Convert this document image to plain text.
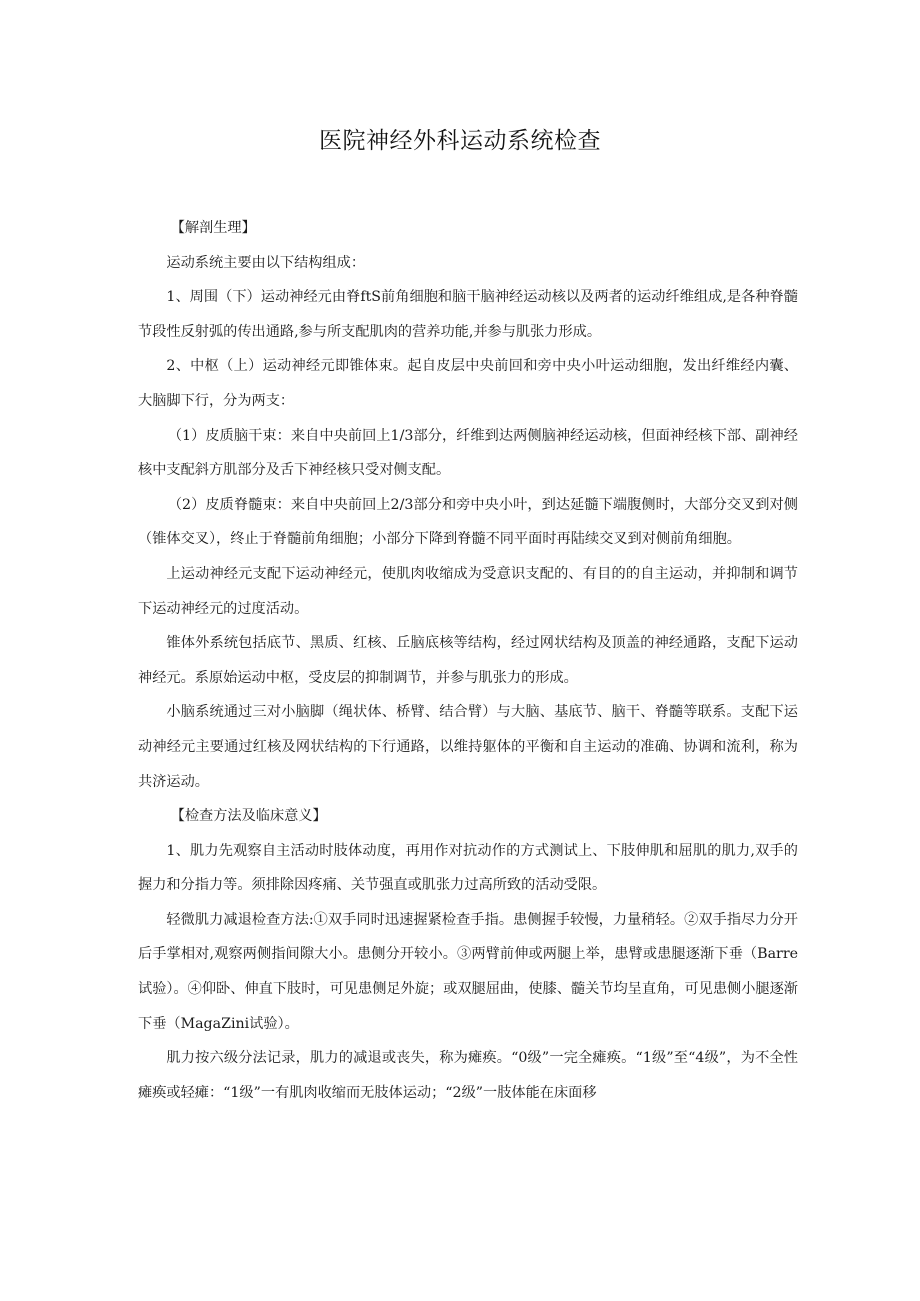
医院神经外科运动系统检查

【解剖生理】

运动系统主要由以下结构组成：

1、周围（下）运动神经元由脊ftS前角细胞和脑干脑神经运动核以及两者的运动纤维组成,是各种脊髓节段性反射弧的传出通路,参与所支配肌肉的营养功能,并参与肌张力形成。

2、中枢（上）运动神经元即锥体束。起自皮层中央前回和旁中央小叶运动细胞，发出纤维经内囊、大脑脚下行，分为两支：

（1）皮质脑干束：来自中央前回上1/3部分，纤维到达两侧脑神经运动核，但面神经核下部、副神经核中支配斜方肌部分及舌下神经核只受对侧支配。

（2）皮质脊髓束：来自中央前回上2/3部分和旁中央小叶，到达延髓下端腹侧时，大部分交叉到对侧（锥体交叉），终止于脊髓前角细胞；小部分下降到脊髓不同平面时再陆续交叉到对侧前角细胞。

上运动神经元支配下运动神经元，使肌肉收缩成为受意识支配的、有目的的自主运动，并抑制和调节下运动神经元的过度活动。

锥体外系统包括底节、黑质、红核、丘脑底核等结构，经过网状结构及顶盖的神经通路，支配下运动神经元。系原始运动中枢，受皮层的抑制调节，并参与肌张力的形成。

小脑系统通过三对小脑脚（绳状体、桥臂、结合臂）与大脑、基底节、脑干、脊髓等联系。支配下运动神经元主要通过红核及网状结构的下行通路，以维持躯体的平衡和自主运动的准确、协调和流利，称为共济运动。

【检查方法及临床意义】

1、肌力先观察自主活动时肢体动度，再用作对抗动作的方式测试上、下肢伸肌和屈肌的肌力,双手的握力和分指力等。须排除因疼痛、关节强直或肌张力过高所致的活动受限。

轻微肌力减退检查方法:①双手同时迅速握紧检查手指。患侧握手较慢，力量稍轻。②双手指尽力分开后手掌相对,观察两侧指间隙大小。患侧分开较小。③两臂前伸或两腿上举，患臂或患腿逐渐下垂（Barre试验）。④仰卧、伸直下肢时，可见患侧足外旋；或双腿屈曲，使膝、髓关节均呈直角，可见患侧小腿逐渐下垂（MagaZini试验）。

肌力按六级分法记录，肌力的减退或丧失，称为瘫痪。“0级”一完全瘫痪。“1级”至“4级”，为不全性瘫痪或轻瘫：“1级”一有肌肉收缩而无肢体运动；“2级”一肢体能在床面移
